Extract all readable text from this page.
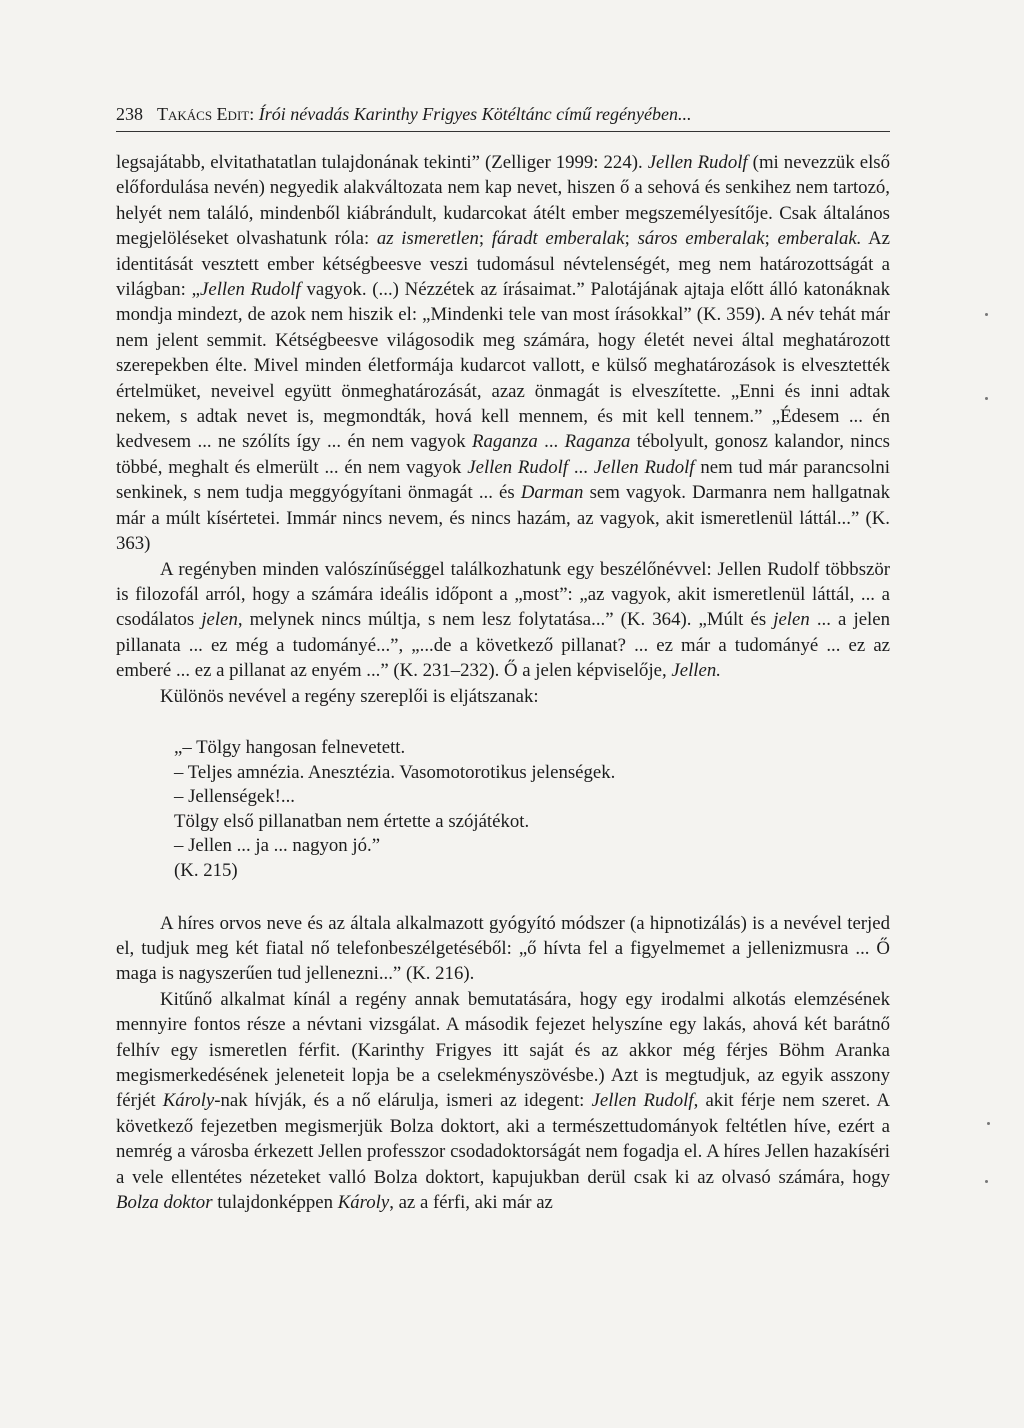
238 Takács Edit: Írói névadás Karinthy Frigyes Kötéltánc című regényében...

legsajátabb, elvitathatatlan tulajdonának tekinti” (Zelliger 1999: 224). Jellen Rudolf (mi nevezzük első előfordulása nevén) negyedik alakváltozata nem kap nevet, hiszen ő a sehová és senkihez nem tartozó, helyét nem találó, mindenből kiábrándult, kudarcokat átélt ember megszemélyesítője. Csak általános megjelöléseket olvashatunk róla: az ismeretlen; fáradt emberalak; sáros emberalak; emberalak. Az identitását vesztett ember kétségbeesve veszi tudomásul névtelenségét, meg nem határozottságát a világban: „Jellen Rudolf vagyok. (...) Nézzétek az írásaimat.” Palotájának ajtaja előtt álló katonáknak mondja mindezt, de azok nem hiszik el: „Mindenki tele van most írásokkal” (K. 359). A név tehát már nem jelent semmit. Kétségbeesve világosodik meg számára, hogy életét nevei által meghatározott szerepekben élte. Mivel minden életformája kudarcot vallott, e külső meghatározások is elvesztették értelmüket, neveivel együtt önmeghatározását, azaz önmagát is elveszítette. „Enni és inni adtak nekem, s adtak nevet is, megmondták, hová kell mennem, és mit kell tennem.” „Édesem ... én kedvesem ... ne szólíts így ... én nem vagyok Raganza ... Raganza tébolyult, gonosz kalandor, nincs többé, meghalt és elmerült ... én nem vagyok Jellen Rudolf ... Jellen Rudolf nem tud már parancsolni senkinek, s nem tudja meggyógyítani önmagát ... és Darman sem vagyok. Darmanra nem hallgatnak már a múlt kísértetei. Immár nincs nevem, és nincs hazám, az vagyok, akit ismeretlenül láttál...” (K. 363)

A regényben minden valószínűséggel találkozhatunk egy beszélőnévvel: Jellen Rudolf többször is filozofál arról, hogy a számára ideális időpont a „most”: „az vagyok, akit ismeretlenül láttál, ... a csodálatos jelen, melynek nincs múltja, s nem lesz folytatása...” (K. 364). „Múlt és jelen ... a jelen pillanata ... ez még a tudományé...”, „...de a következő pillanat? ... ez már a tudományé ... ez az emberé ... ez a pillanat az enyém ...” (K. 231–232). Ő a jelen képviselője, Jellen.

Különös nevével a regény szereplői is eljátszanak:

„– Tölgy hangosan felnevetett.
– Teljes amnézia. Anesztézia. Vasomotorotikus jelenségek.
– Jellenségek!...
Tölgy első pillanatban nem értette a szójátékot.
– Jellen ... ja ... nagyon jó.”
(K. 215)

A híres orvos neve és az általa alkalmazott gyógyító módszer (a hipnotizálás) is a nevével terjed el, tudjuk meg két fiatal nő telefonbeszélgetéséből: „ő hívta fel a figyelmemet a jellenizmusra ... Ő maga is nagyszerűen tud jellenezni...” (K. 216).

Kitűnő alkalmat kínál a regény annak bemutatására, hogy egy irodalmi alkotás elemzésének mennyire fontos része a névtani vizsgálat. A második fejezet helyszíne egy lakás, ahová két barátnő felhív egy ismeretlen férfit. (Karinthy Frigyes itt saját és az akkor még férjes Böhm Aranka megismerkedésének jeleneteit lopja be a cselekményszövésbe.) Azt is megtudjuk, az egyik asszony férjét Károly-nak hívják, és a nő elárulja, ismeri az idegent: Jellen Rudolf, akit férje nem szeret. A következő fejezetben megismerjük Bolza doktort, aki a természettudományok feltétlen híve, ezért a nemrég a városba érkezett Jellen professzor csodadoktorságát nem fogadja el. A híres Jellen hazakíséri a vele ellentétes nézeteket valló Bolza doktort, kapujukban derül csak ki az olvasó számára, hogy Bolza doktor tulajdonképpen Károly, az a férfi, aki már az
